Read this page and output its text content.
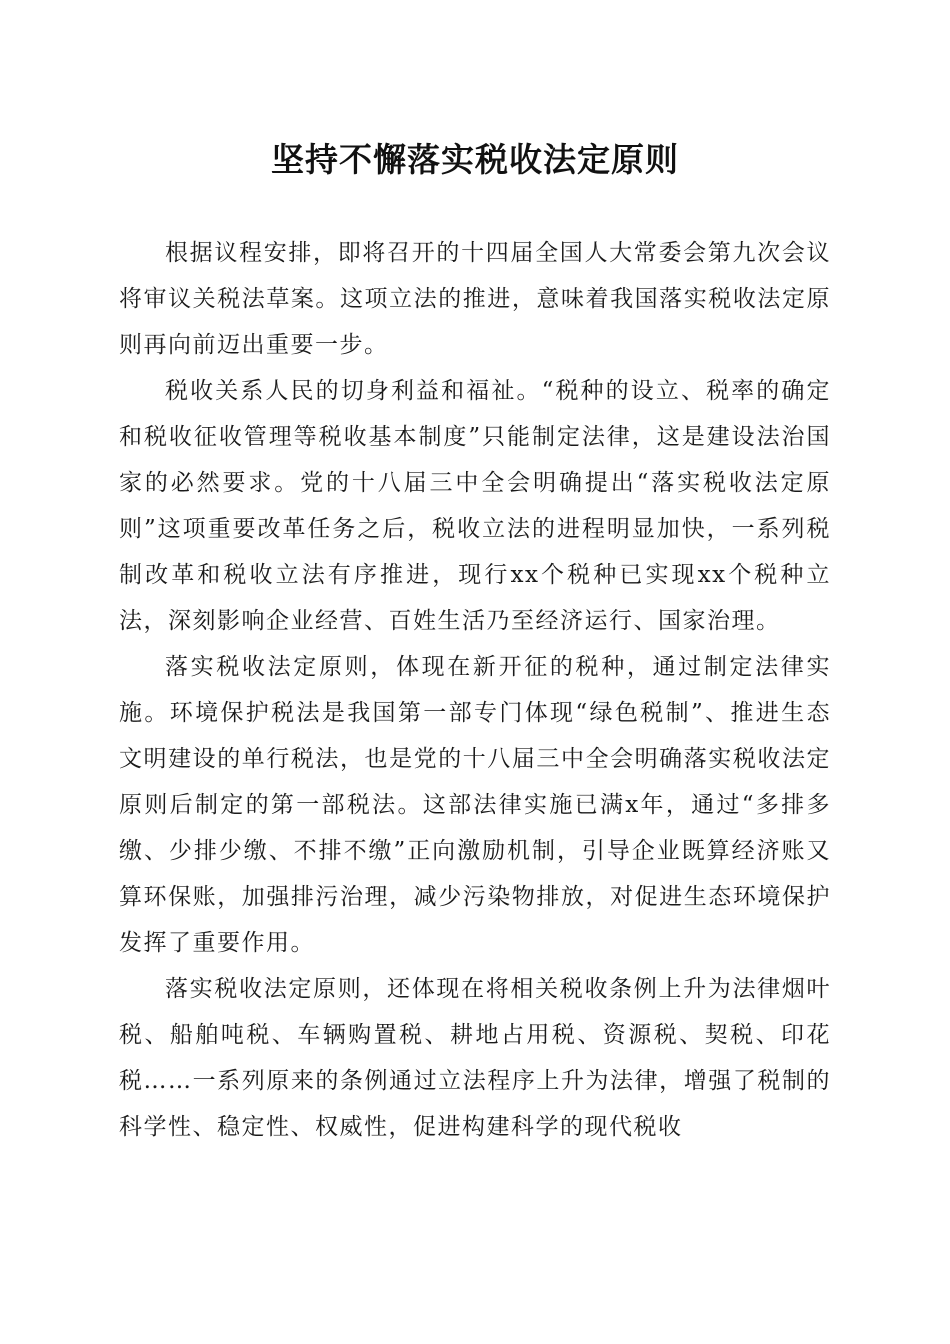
坚持不懈落实税收法定原则

根据议程安排，即将召开的十四届全国人大常委会第九次会议将审议关税法草案。这项立法的推进，意味着我国落实税收法定原则再向前迈出重要一步。

税收关系人民的切身利益和福祉。“税种的设立、税率的确定和税收征收管理等税收基本制度”只能制定法律，这是建设法治国家的必然要求。党的十八届三中全会明确提出“落实税收法定原则”这项重要改革任务之后，税收立法的进程明显加快，一系列税制改革和税收立法有序推进，现行xx个税种已实现xx个税种立法，深刻影响企业经营、百姓生活乃至经济运行、国家治理。

落实税收法定原则，体现在新开征的税种，通过制定法律实施。环境保护税法是我国第一部专门体现“绿色税制”、推进生态文明建设的单行税法，也是党的十八届三中全会明确落实税收法定原则后制定的第一部税法。这部法律实施已满x年，通过“多排多缴、少排少缴、不排不缴”正向激励机制，引导企业既算经济账又算环保账，加强排污治理，减少污染物排放，对促进生态环境保护发挥了重要作用。

落实税收法定原则，还体现在将相关税收条例上升为法律烟叶税、船舶吨税、车辆购置税、耕地占用税、资源税、契税、印花税……一系列原来的条例通过立法程序上升为法律，增强了税制的科学性、稳定性、权威性，促进构建科学的现代税收
